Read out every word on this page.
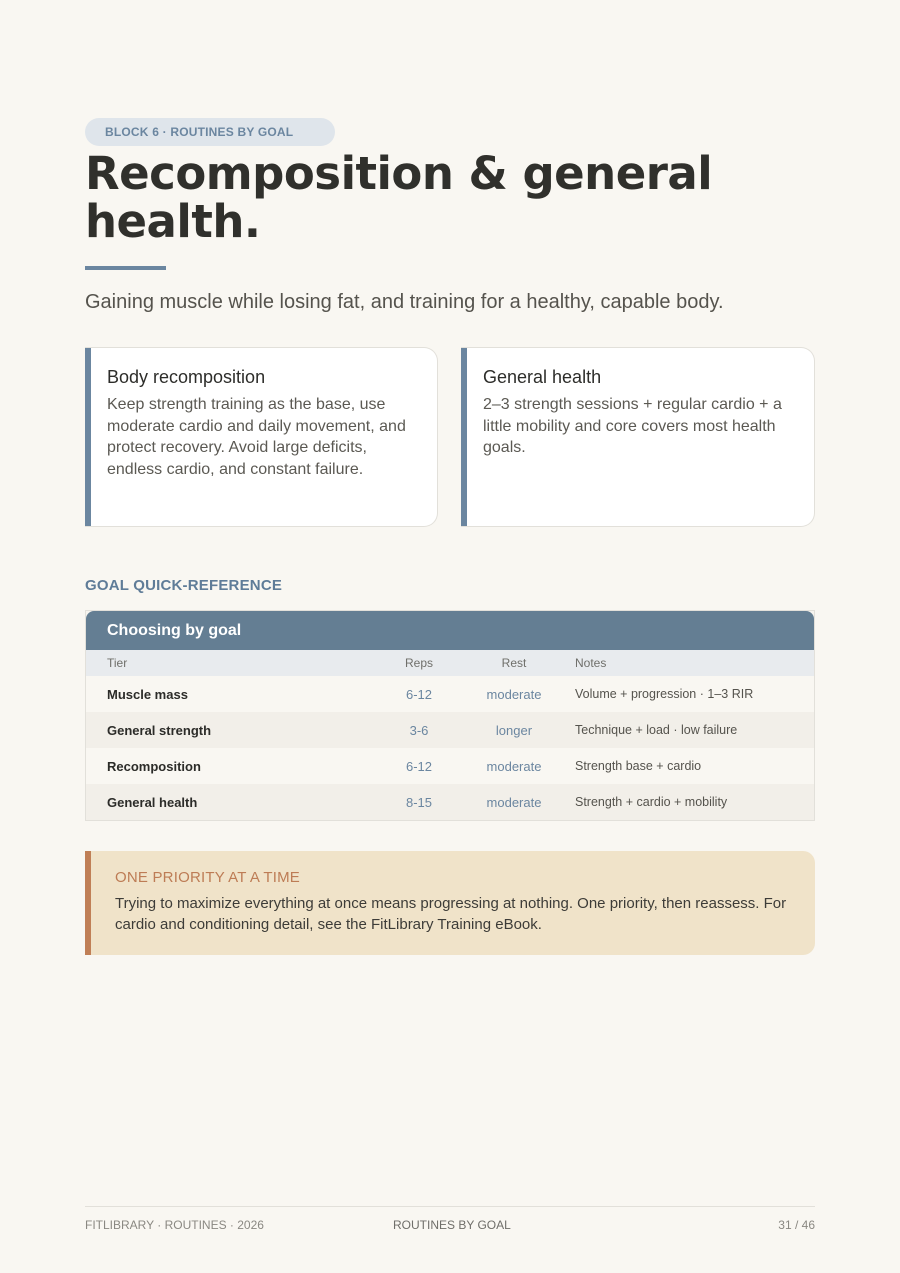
BLOCK 6 · ROUTINES BY GOAL
Recomposition & general health.

Gaining muscle while losing fat, and training for a healthy, capable body.

Body recomposition

Keep strength training as the base, use moderate cardio and daily movement, and protect recovery. Avoid large deficits, endless cardio, and constant failure.

General health

2–3 strength sessions + regular cardio + a little mobility and core covers most health goals.

GOAL QUICK-REFERENCE
Choosing by goal
Tier	Reps	Rest	Notes
Muscle mass	6-12	moderate	Volume + progression · 1–3 RIR
General strength	3-6	longer	Technique + load · low failure
Recomposition	6-12	moderate	Strength base + cardio
General health	8-15	moderate	Strength + cardio + mobility
ONE PRIORITY AT A TIME

Trying to maximize everything at once means progressing at nothing. One priority, then reassess. For cardio and conditioning detail, see the FitLibrary Training eBook.

FITLIBRARY · ROUTINES · 2026	ROUTINES BY GOAL	31 / 46
